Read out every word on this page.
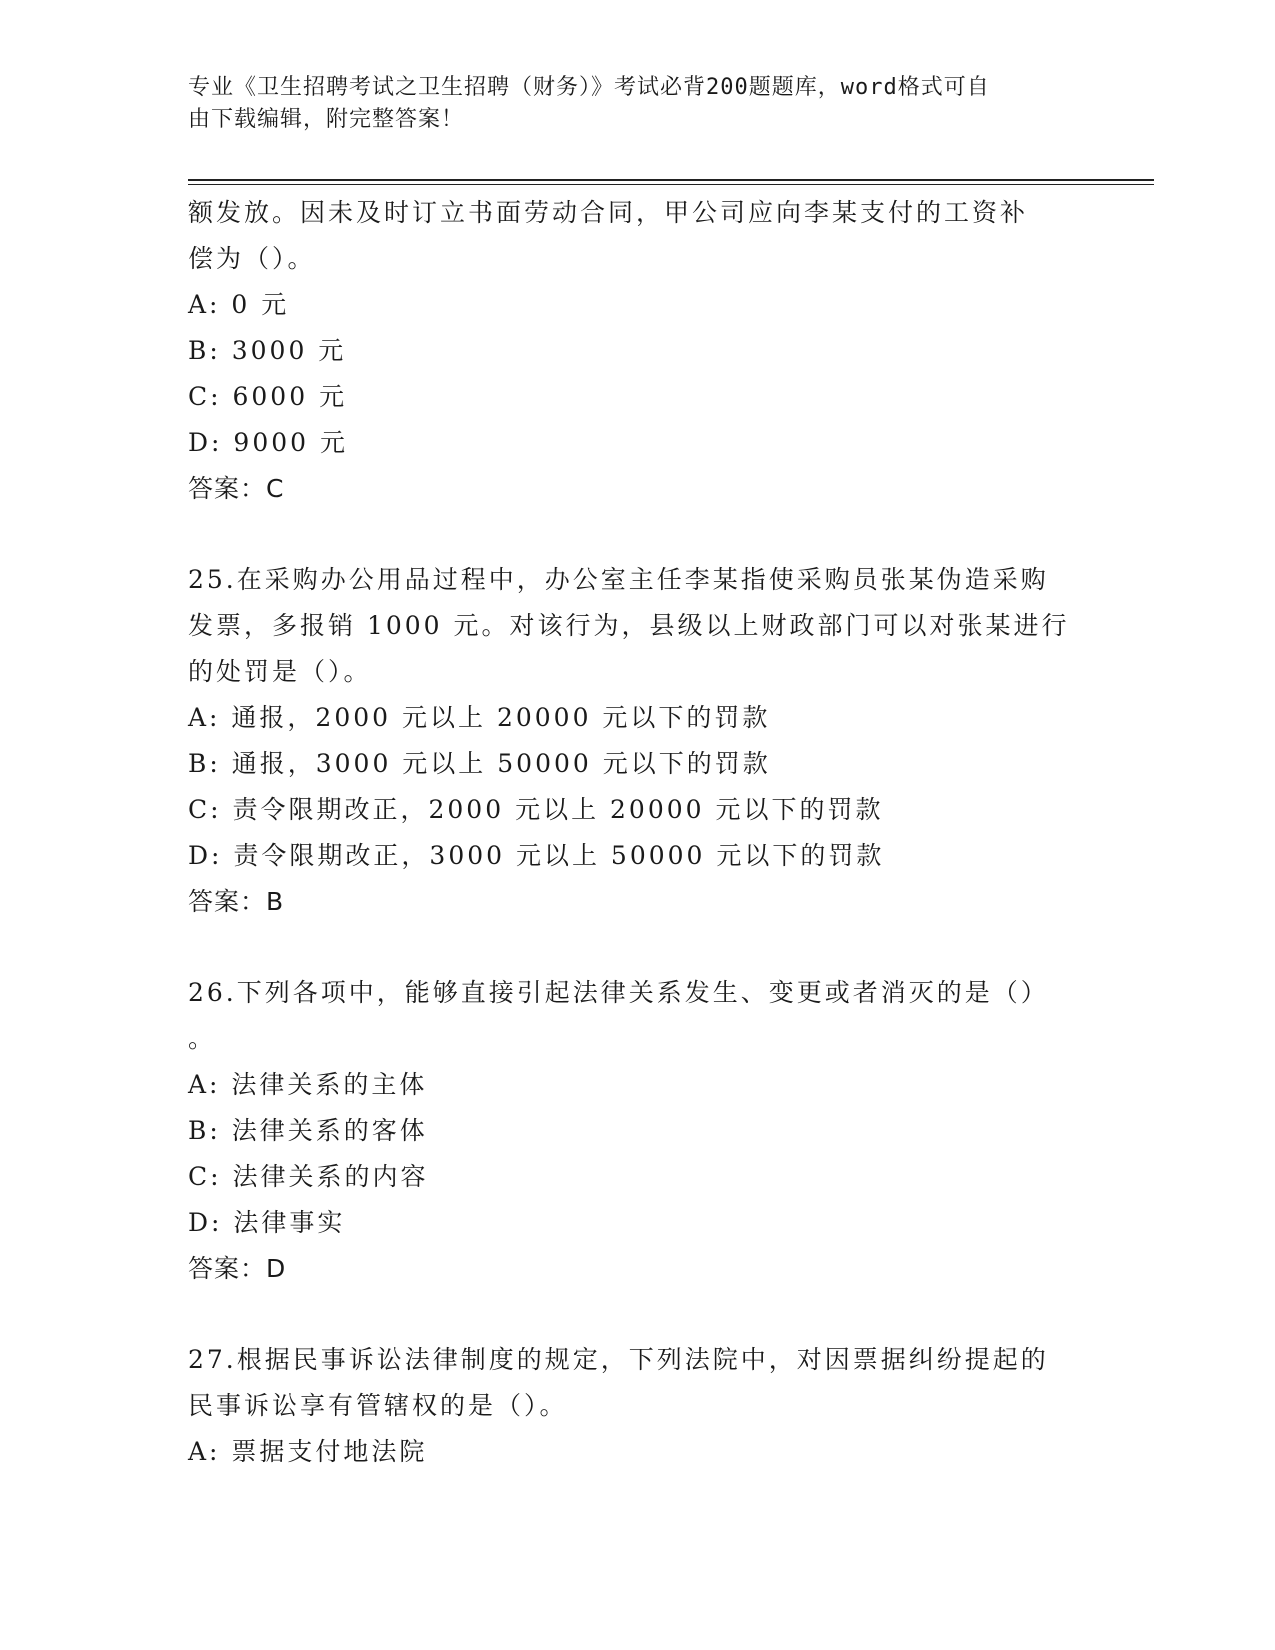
专业《卫生招聘考试之卫生招聘（财务）》考试必背200题题库，word格式可自
由下载编辑，附完整答案！
额发放。因未及时订立书面劳动合同，甲公司应向李某支付的工资补
偿为（）。
A: 0 元
B: 3000 元
C: 6000 元
D: 9000 元
答案：C
25.在采购办公用品过程中，办公室主任李某指使采购员张某伪造采购
发票，多报销 1000 元。对该行为，县级以上财政部门可以对张某进行
的处罚是（）。
A: 通报，2000 元以上 20000 元以下的罚款
B: 通报，3000 元以上 50000 元以下的罚款
C: 责令限期改正，2000 元以上 20000 元以下的罚款
D: 责令限期改正，3000 元以上 50000 元以下的罚款
答案：B
26.下列各项中，能够直接引起法律关系发生、变更或者消灭的是（）
。
A: 法律关系的主体
B: 法律关系的客体
C: 法律关系的内容
D: 法律事实
答案：D
27.根据民事诉讼法律制度的规定，下列法院中，对因票据纠纷提起的
民事诉讼享有管辖权的是（）。
A: 票据支付地法院
